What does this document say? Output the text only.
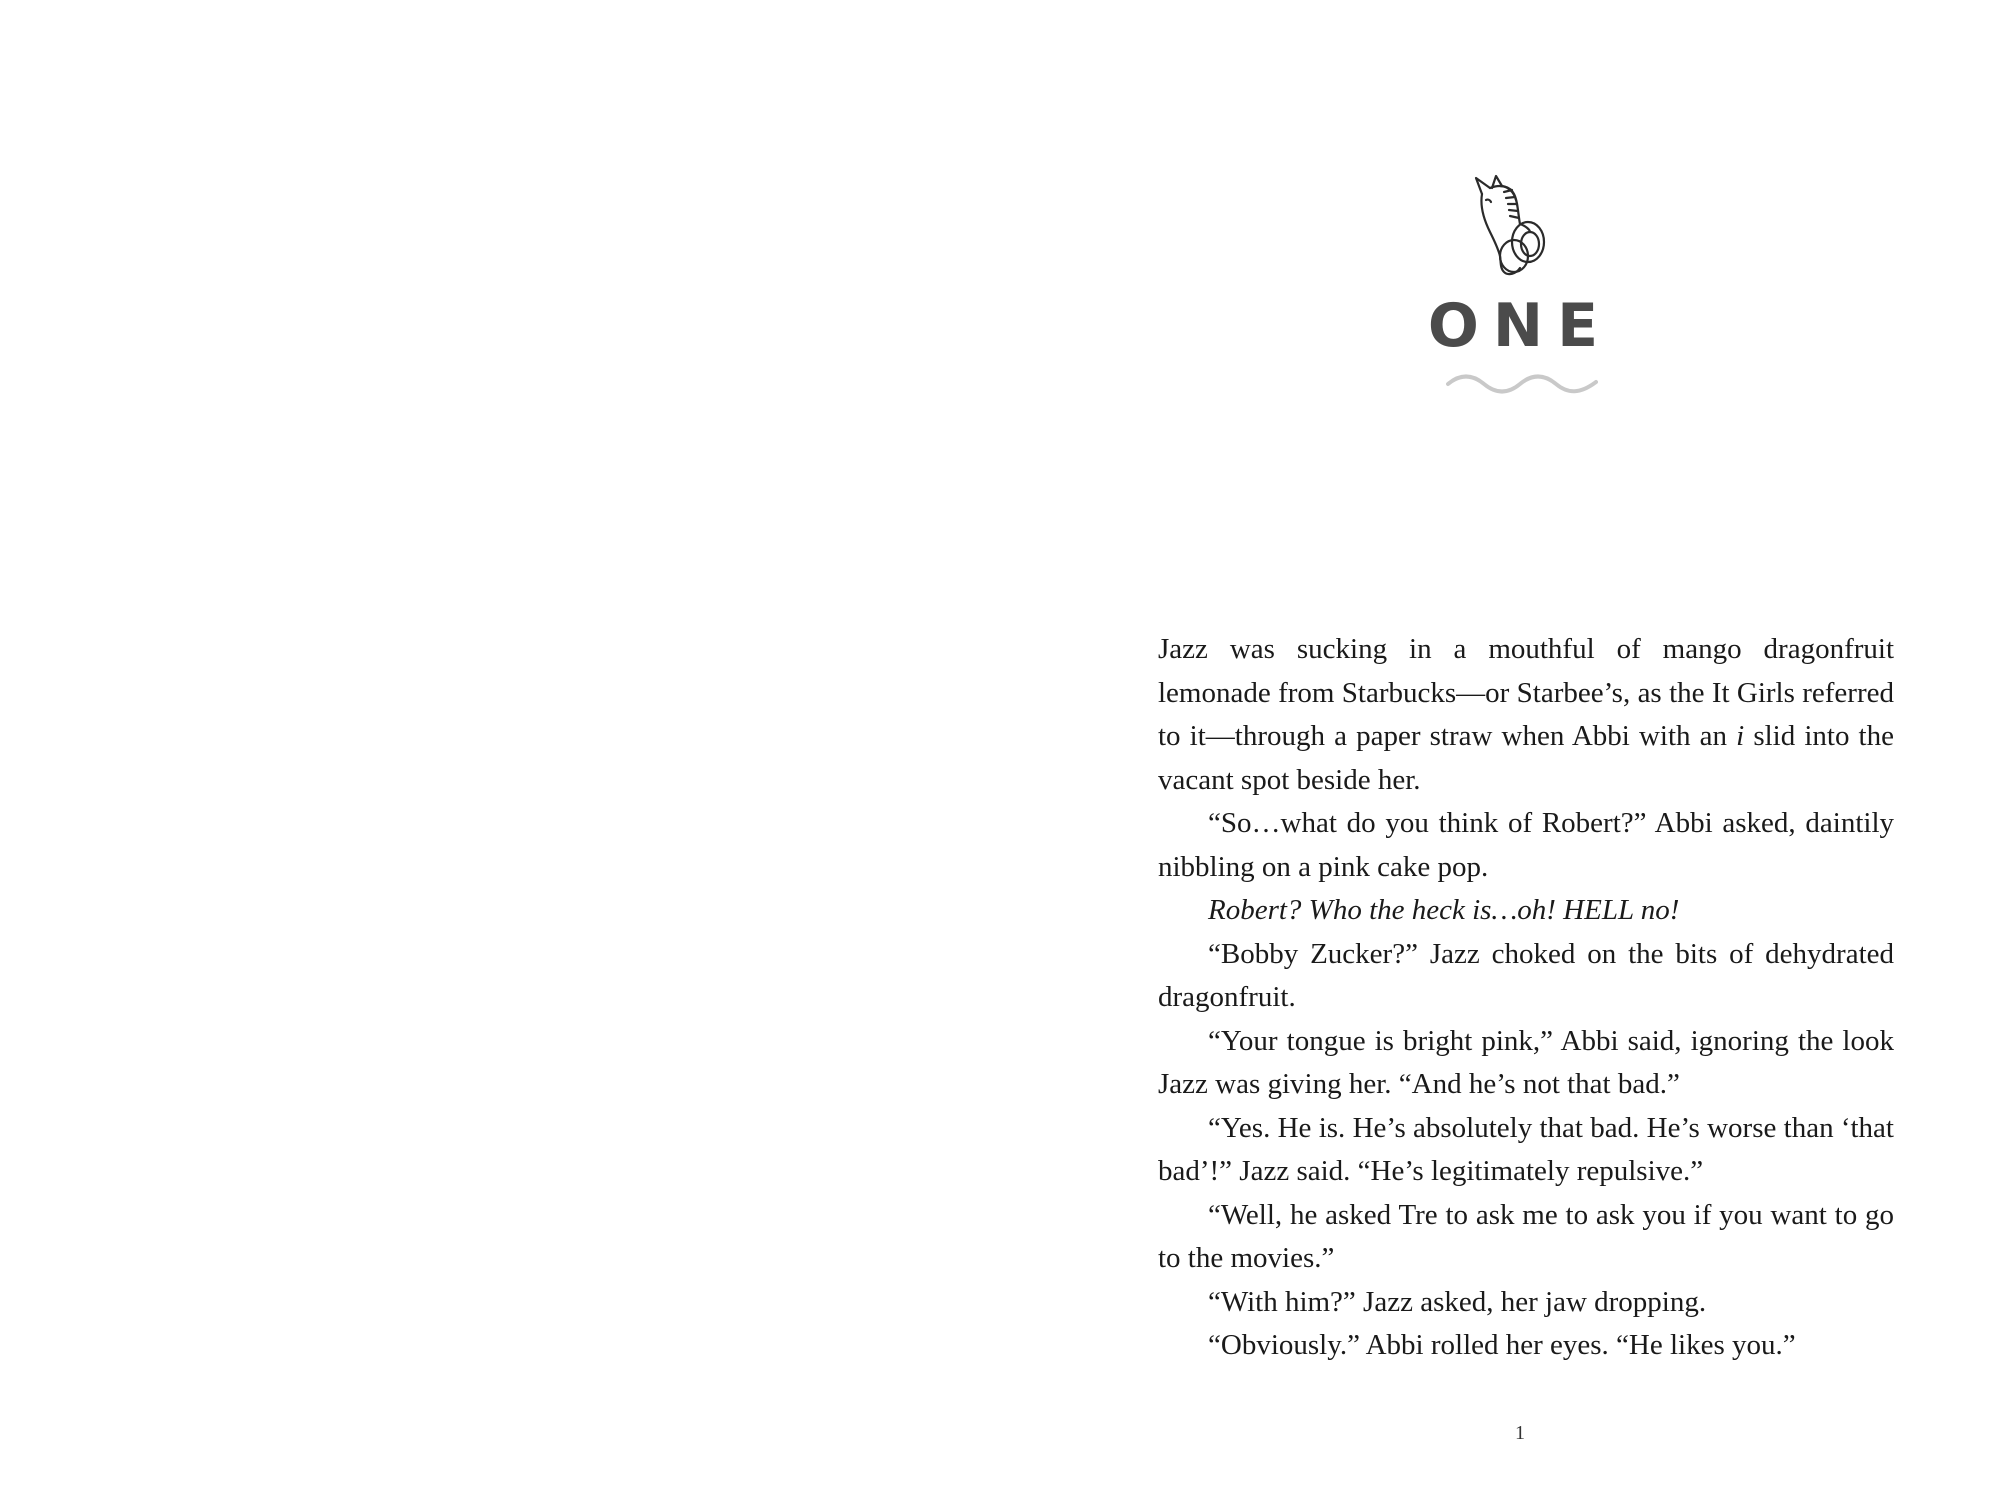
ONE

Jazz was sucking in a mouthful of mango dragonfruit lemonade from Starbucks—or Starbee’s, as the It Girls referred to it—through a paper straw when Abbi with an i slid into the vacant spot beside her.

“So…what do you think of Robert?” Abbi asked, daintily nibbling on a pink cake pop.

Robert? Who the heck is…oh! HELL no!

“Bobby Zucker?” Jazz choked on the bits of dehydrated dragonfruit.

“Your tongue is bright pink,” Abbi said, ignoring the look Jazz was giving her. “And he’s not that bad.”

“Yes. He is. He’s absolutely that bad. He’s worse than ‘that bad’!” Jazz said. “He’s legitimately repulsive.”

“Well, he asked Tre to ask me to ask you if you want to go to the movies.”

“With him?” Jazz asked, her jaw dropping.

“Obviously.” Abbi rolled her eyes. “He likes you.”

1
